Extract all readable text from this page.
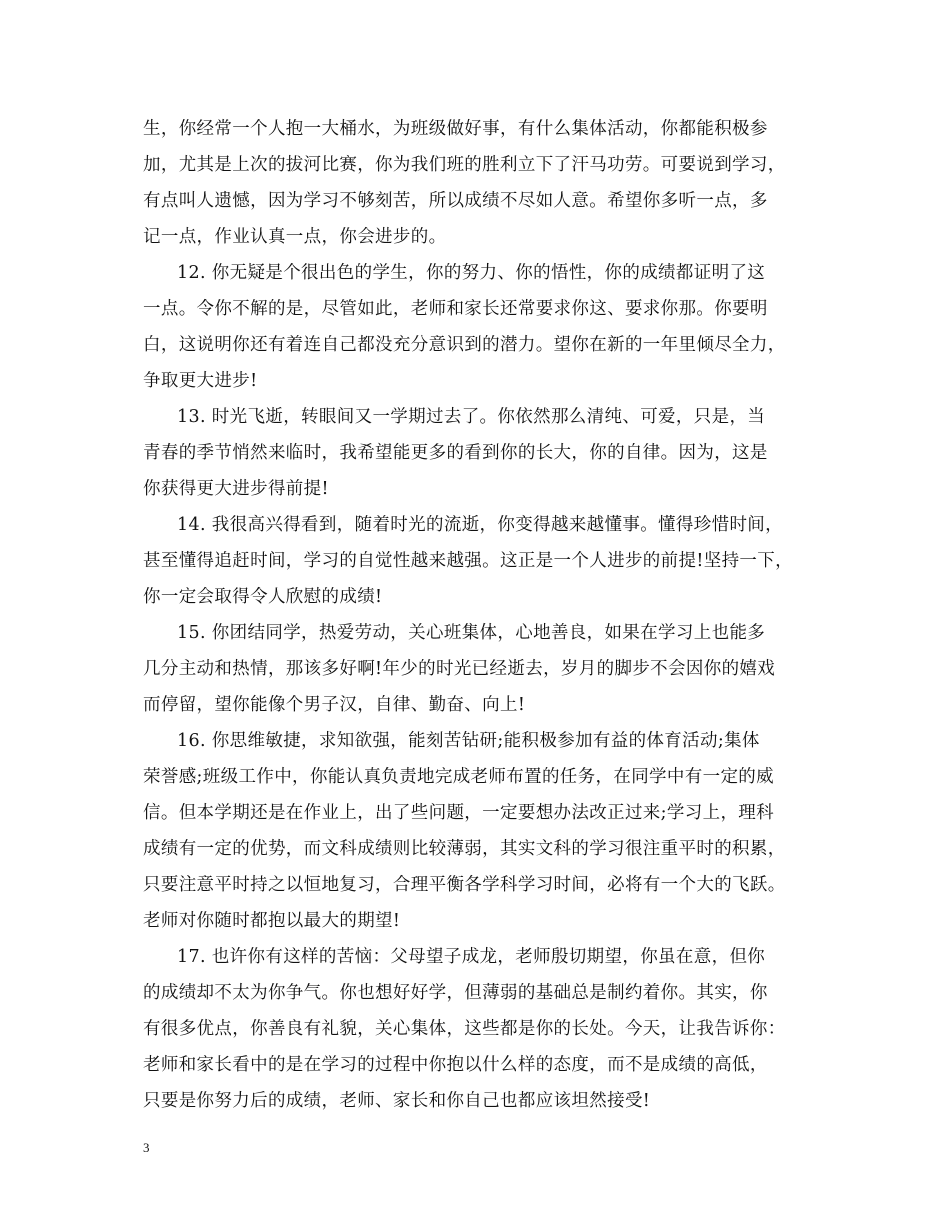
生，你经常一个人抱一大桶水，为班级做好事，有什么集体活动，你都能积极参
加，尤其是上次的拔河比赛，你为我们班的胜利立下了汗马功劳。可要说到学习，
有点叫人遗憾，因为学习不够刻苦，所以成绩不尽如人意。希望你多听一点，多
记一点，作业认真一点，你会进步的。
12. 你无疑是个很出色的学生，你的努力、你的悟性，你的成绩都证明了这
一点。令你不解的是，尽管如此，老师和家长还常要求你这、要求你那。你要明
白，这说明你还有着连自己都没充分意识到的潜力。望你在新的一年里倾尽全力，
争取更大进步!
13. 时光飞逝，转眼间又一学期过去了。你依然那么清纯、可爱，只是，当
青春的季节悄然来临时，我希望能更多的看到你的长大，你的自律。因为，这是
你获得更大进步得前提!
14. 我很高兴得看到，随着时光的流逝，你变得越来越懂事。懂得珍惜时间，
甚至懂得追赶时间，学习的自觉性越来越强。这正是一个人进步的前提!坚持一下，
你一定会取得令人欣慰的成绩!
15. 你团结同学，热爱劳动，关心班集体，心地善良，如果在学习上也能多
几分主动和热情，那该多好啊!年少的时光已经逝去，岁月的脚步不会因你的嬉戏
而停留，望你能像个男子汉，自律、勤奋、向上!
16. 你思维敏捷，求知欲强，能刻苦钻研;能积极参加有益的体育活动;集体
荣誉感;班级工作中，你能认真负责地完成老师布置的任务，在同学中有一定的威
信。但本学期还是在作业上，出了些问题，一定要想办法改正过来;学习上，理科
成绩有一定的优势，而文科成绩则比较薄弱，其实文科的学习很注重平时的积累，
只要注意平时持之以恒地复习，合理平衡各学科学习时间，必将有一个大的飞跃。
老师对你随时都抱以最大的期望!
17. 也许你有这样的苦恼：父母望子成龙，老师殷切期望，你虽在意，但你
的成绩却不太为你争气。你也想好好学，但薄弱的基础总是制约着你。其实，你
有很多优点，你善良有礼貌，关心集体，这些都是你的长处。今天，让我告诉你：
老师和家长看中的是在学习的过程中你抱以什么样的态度，而不是成绩的高低，
只要是你努力后的成绩，老师、家长和你自己也都应该坦然接受!
3
